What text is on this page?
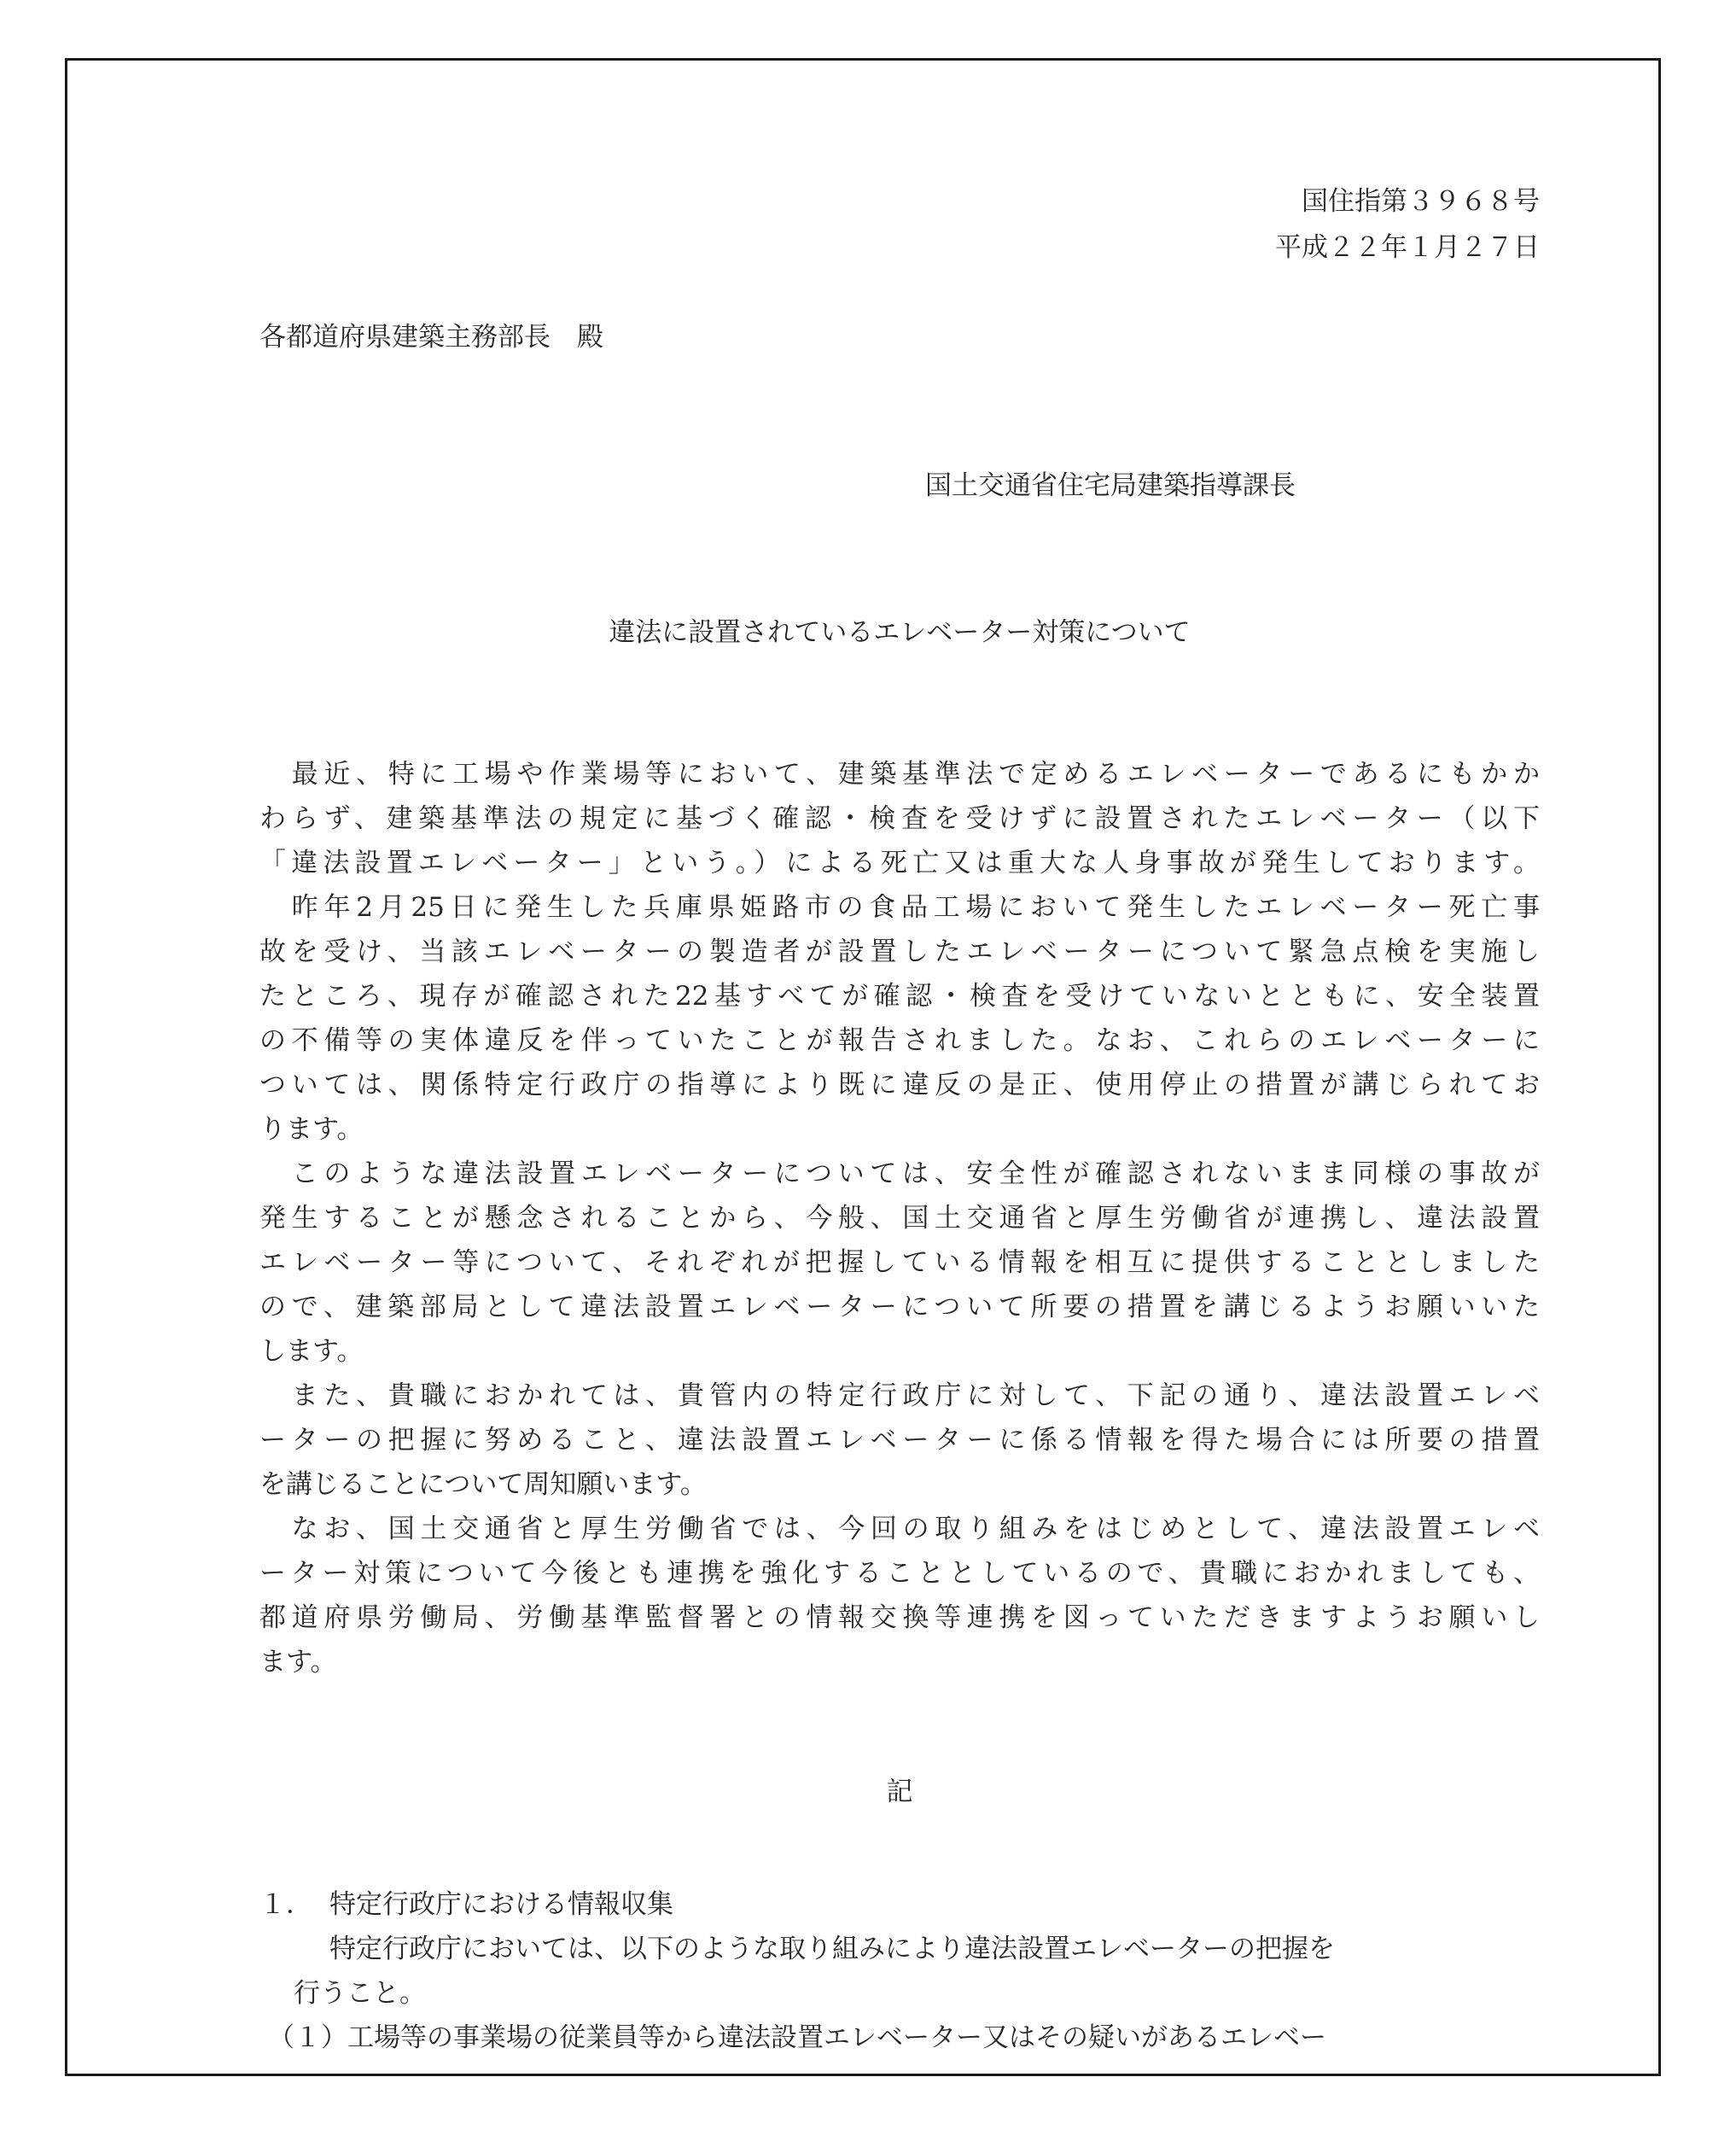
国住指第３９６８号
平成２２年１月２７日
各都道府県建築主務部長　殿
国土交通省住宅局建築指導課長
違法に設置されているエレベーター対策について
　最近、特に工場や作業場等において、建築基準法で定めるエレベーターであるにもかか
わらず、建築基準法の規定に基づく確認・検査を受けずに設置されたエレベーター（以下
「違法設置エレベーター」という。）による死亡又は重大な人身事故が発生しております。
　昨年2月25日に発生した兵庫県姫路市の食品工場において発生したエレベーター死亡事
故を受け、当該エレベーターの製造者が設置したエレベーターについて緊急点検を実施し
たところ、現存が確認された22基すべてが確認・検査を受けていないとともに、安全装置
の不備等の実体違反を伴っていたことが報告されました。なお、これらのエレベーターに
ついては、関係特定行政庁の指導により既に違反の是正、使用停止の措置が講じられてお
ります。
　このような違法設置エレベーターについては、安全性が確認されないまま同様の事故が
発生することが懸念されることから、今般、国土交通省と厚生労働省が連携し、違法設置
エレベーター等について、それぞれが把握している情報を相互に提供することとしました
ので、建築部局として違法設置エレベーターについて所要の措置を講じるようお願いいた
します。
　また、貴職におかれては、貴管内の特定行政庁に対して、下記の通り、違法設置エレベ
ーターの把握に努めること、違法設置エレベーターに係る情報を得た場合には所要の措置
を講じることについて周知願います。
　なお、国土交通省と厚生労働省では、今回の取り組みをはじめとして、違法設置エレベ
ーター対策について今後とも連携を強化することとしているので、貴職におかれましても、
都道府県労働局、労働基準監督署との情報交換等連携を図っていただきますようお願いし
ます。
記
１． 特定行政庁における情報収集
特定行政庁においては、以下のような取り組みにより違法設置エレベーターの把握を
行うこと。
（１）工場等の事業場の従業員等から違法設置エレベーター又はその疑いがあるエレベー
